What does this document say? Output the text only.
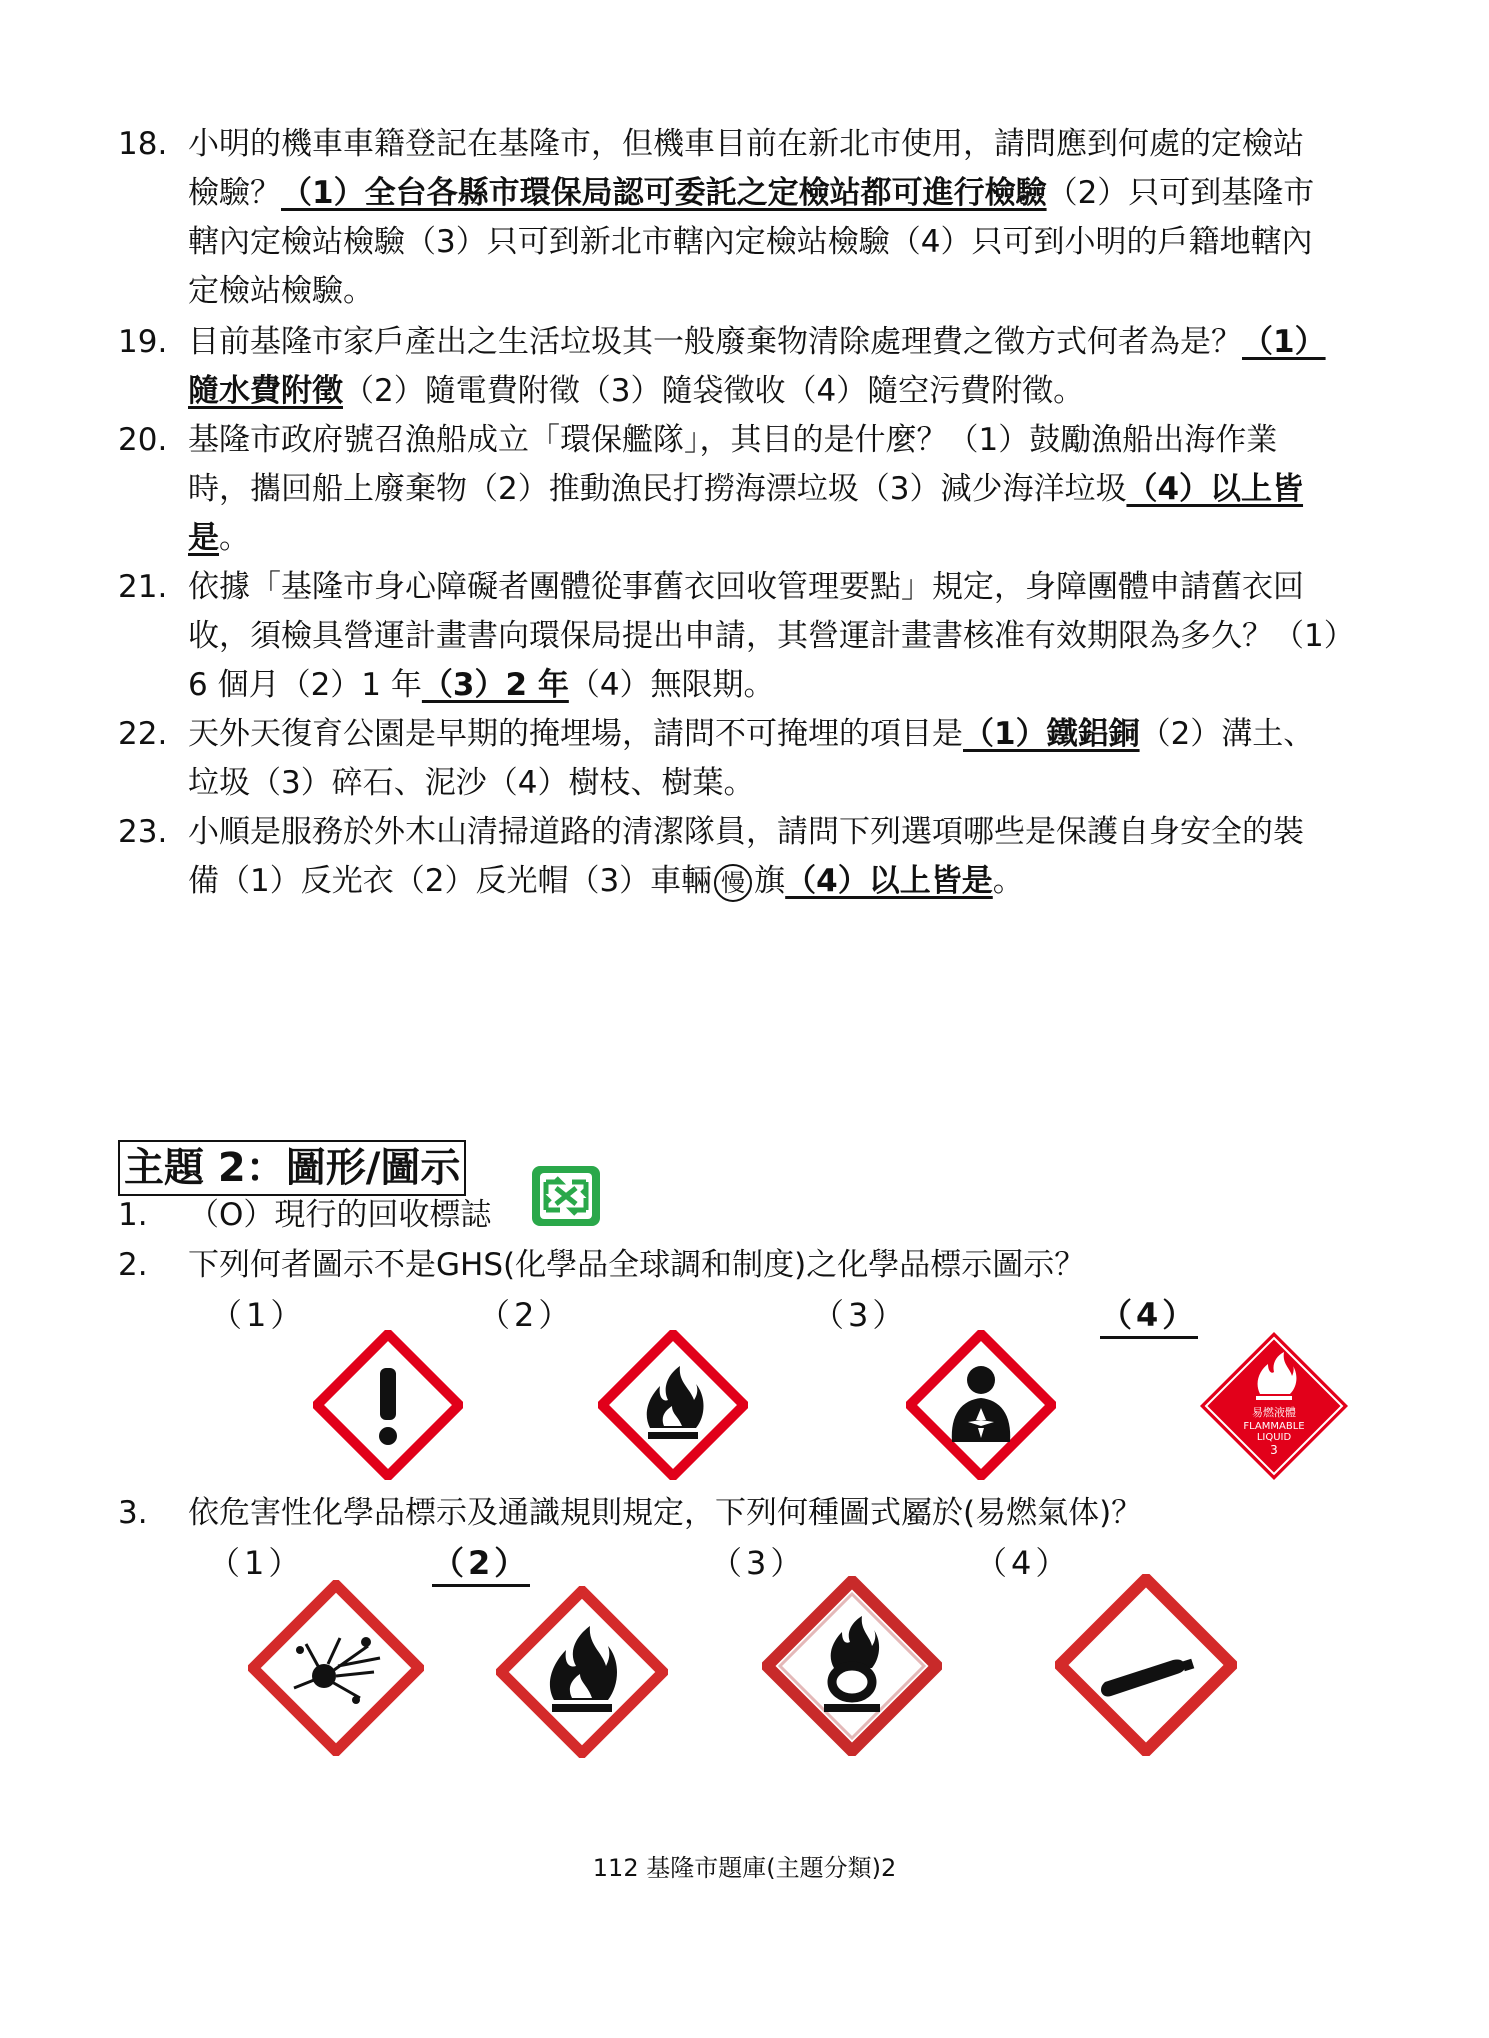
18. 小明的機車車籍登記在基隆市，但機車目前在新北市使用，請問應到何處的定檢站
檢驗？（1）全台各縣市環保局認可委託之定檢站都可進行檢驗（2）只可到基隆市
轄內定檢站檢驗（3）只可到新北市轄內定檢站檢驗（4）只可到小明的戶籍地轄內
定檢站檢驗。
19. 目前基隆市家戶產出之生活垃圾其一般廢棄物清除處理費之徵方式何者為是？（1）
隨水費附徵（2）隨電費附徵（3）隨袋徵收（4）隨空污費附徵。
20. 基隆市政府號召漁船成立「環保艦隊」，其目的是什麼？（1）鼓勵漁船出海作業
時，攜回船上廢棄物（2）推動漁民打撈海漂垃圾（3）減少海洋垃圾（4）以上皆
是。
21. 依據「基隆市身心障礙者團體從事舊衣回收管理要點」規定，身障團體申請舊衣回
收，須檢具營運計畫書向環保局提出申請，其營運計畫書核准有效期限為多久？（1）
6 個月（2）1 年（3）2 年（4）無限期。
22. 天外天復育公園是早期的掩埋場，請問不可掩埋的項目是（1）鐵鋁銅（2）溝土、
垃圾（3）碎石、泥沙（4）樹枝、樹葉。
23. 小順是服務於外木山清掃道路的清潔隊員，請問下列選項哪些是保護自身安全的裝
備（1）反光衣（2）反光帽（3）車輛 慢 旗（4）以上皆是。
主題 2：圖形/圖示
1. （O）現行的回收標誌
2. 下列何者圖示不是GHS(化學品全球調和制度)之化學品標示圖示？
（1）	（2）	（3）	（4）
易燃液體
FLAMMABLE
LIQUID
3
3. 依危害性化學品標示及通識規則規定，下列何種圖式屬於(易燃氣体)？
（1）	（2）	（3）	（4）
112 基隆市題庫(主題分類)2
